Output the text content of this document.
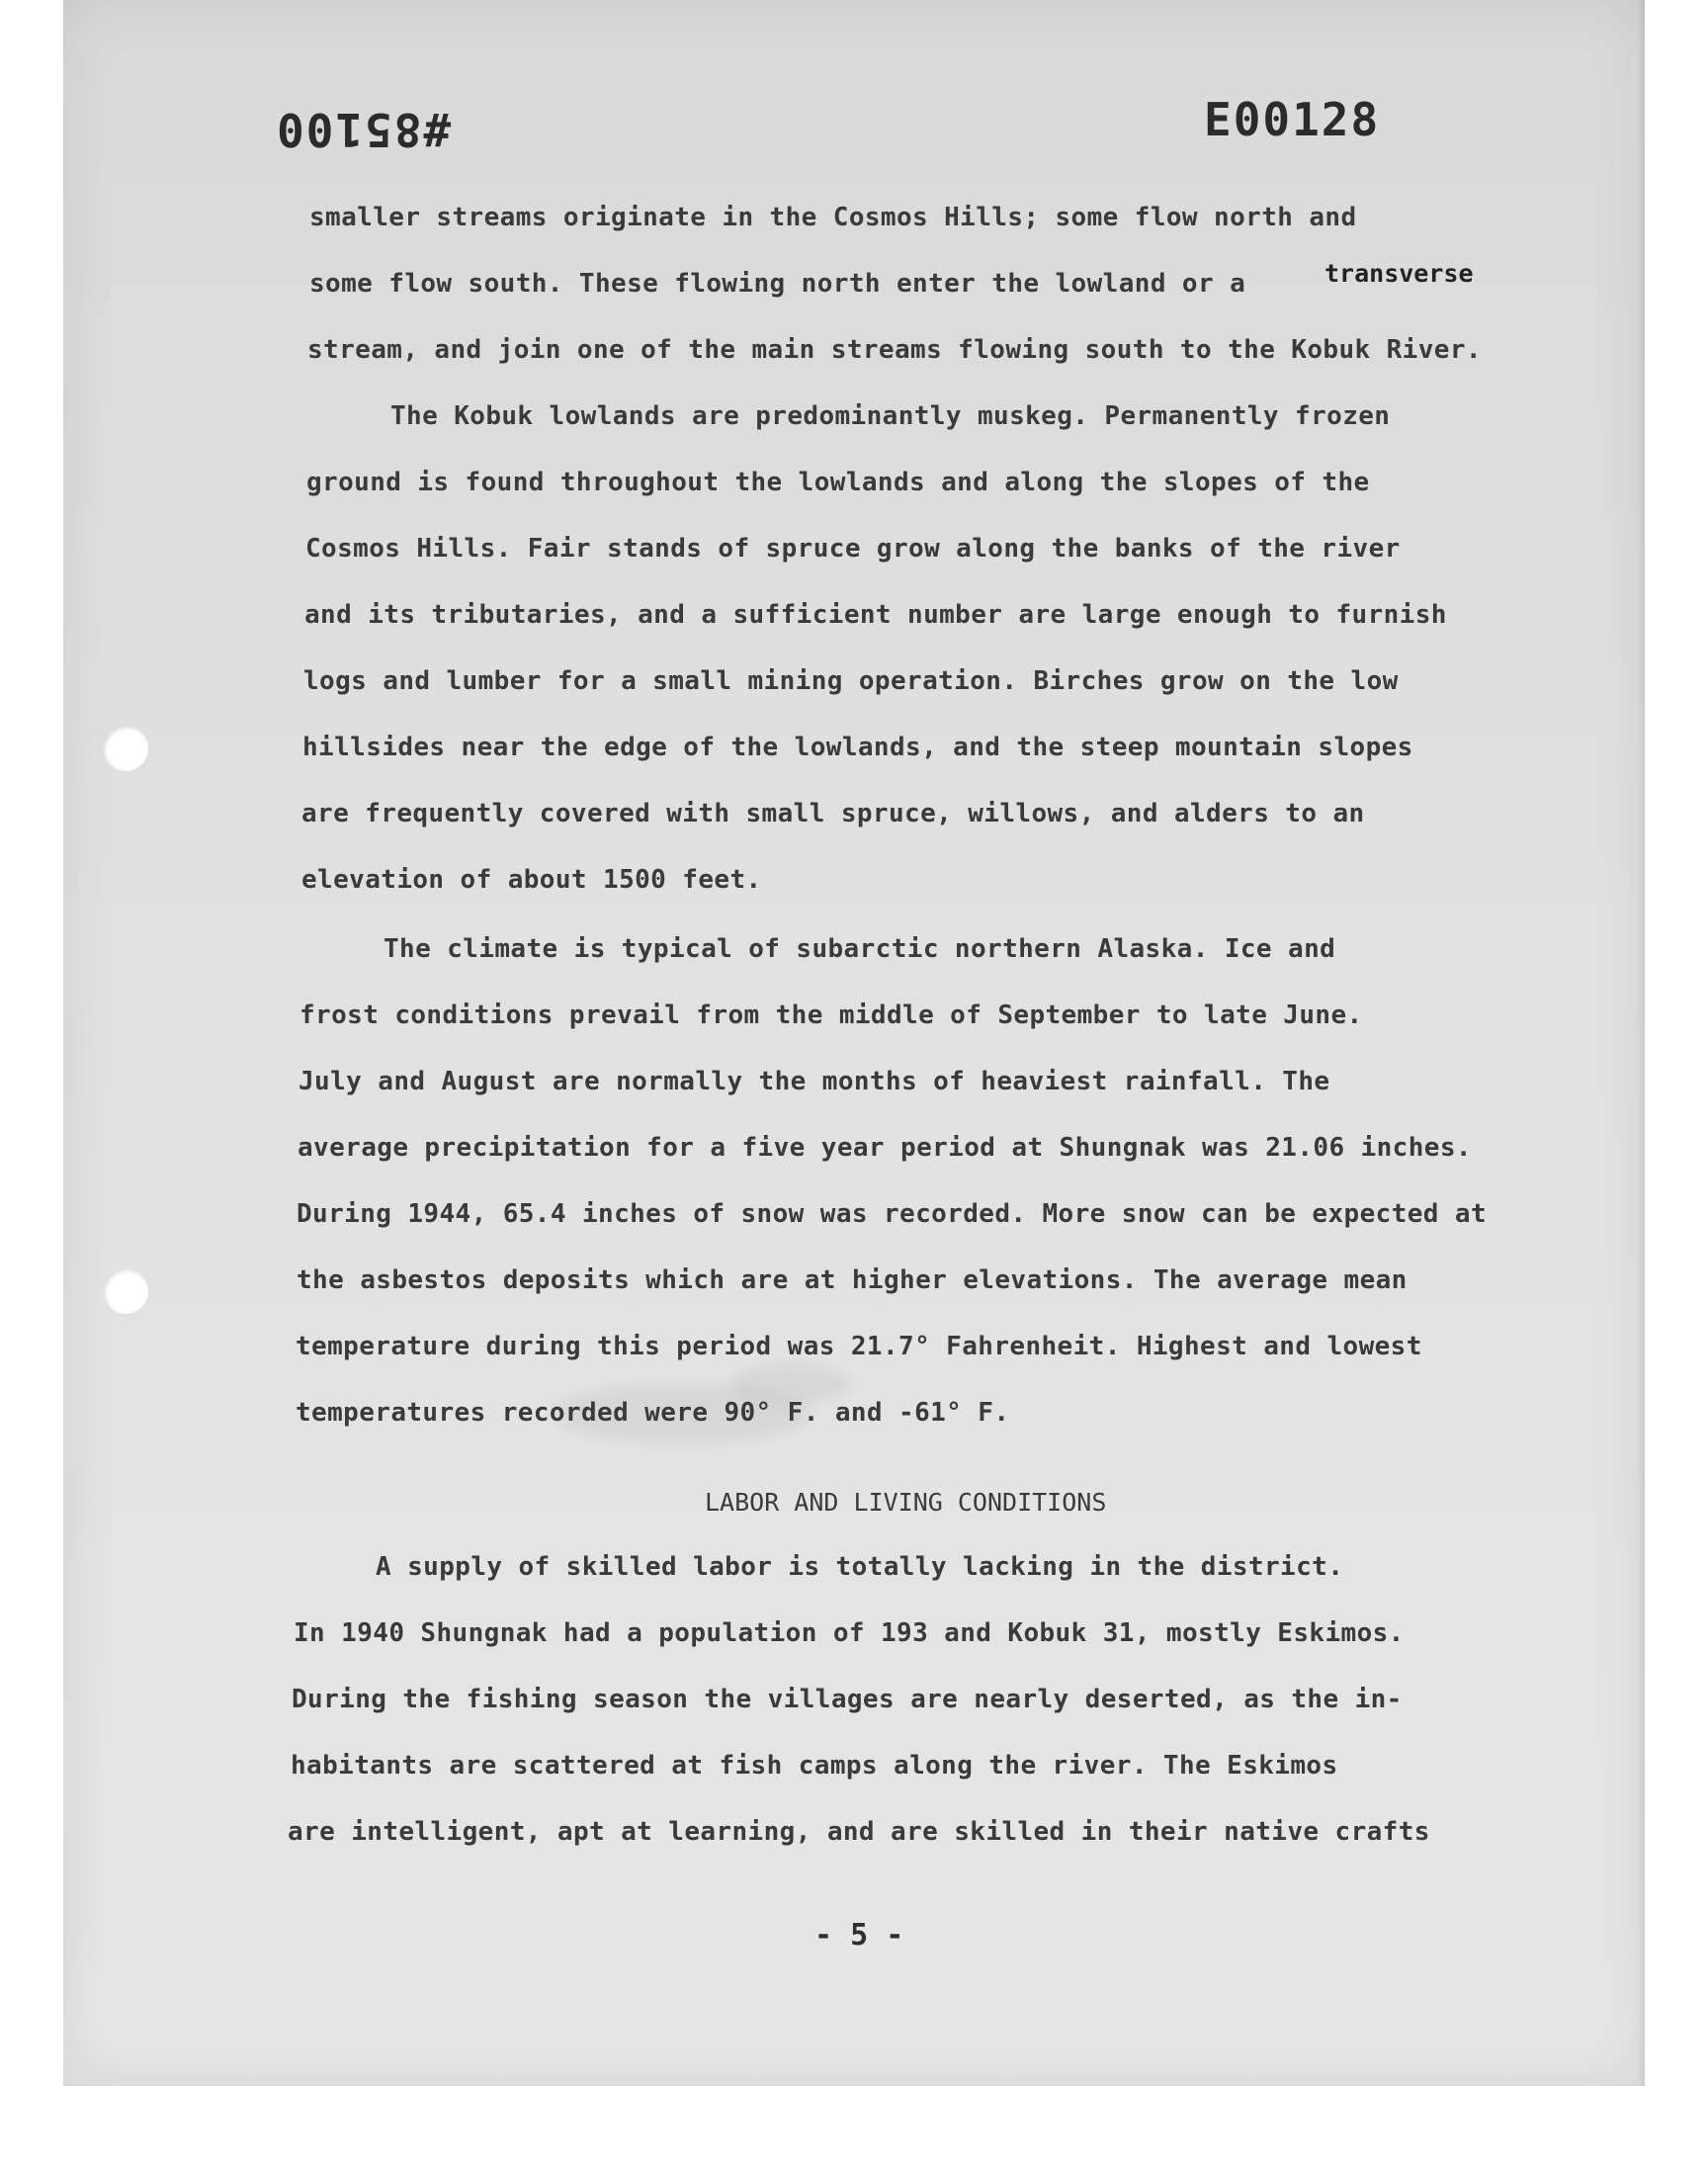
#85100	E00128
transverse
smaller streams originate in the Cosmos Hills; some flow north and
some flow south. These flowing north enter the lowland or a
stream, and join one of the main streams flowing south to the Kobuk River.
The Kobuk lowlands are predominantly muskeg. Permanently frozen
ground is found throughout the lowlands and along the slopes of the
Cosmos Hills. Fair stands of spruce grow along the banks of the river
and its tributaries, and a sufficient number are large enough to furnish
logs and lumber for a small mining operation. Birches grow on the low
hillsides near the edge of the lowlands, and the steep mountain slopes
are frequently covered with small spruce, willows, and alders to an
elevation of about 1500 feet.
The climate is typical of subarctic northern Alaska. Ice and
frost conditions prevail from the middle of September to late June.
July and August are normally the months of heaviest rainfall. The
average precipitation for a five year period at Shungnak was 21.06 inches.
During 1944, 65.4 inches of snow was recorded. More snow can be expected at
the asbestos deposits which are at higher elevations. The average mean
temperature during this period was 21.7° Fahrenheit. Highest and lowest
temperatures recorded were 90° F. and -61° F.
LABOR AND LIVING CONDITIONS
A supply of skilled labor is totally lacking in the district.
In 1940 Shungnak had a population of 193 and Kobuk 31, mostly Eskimos.
During the fishing season the villages are nearly deserted, as the in-
habitants are scattered at fish camps along the river. The Eskimos
are intelligent, apt at learning, and are skilled in their native crafts
- 5 -
